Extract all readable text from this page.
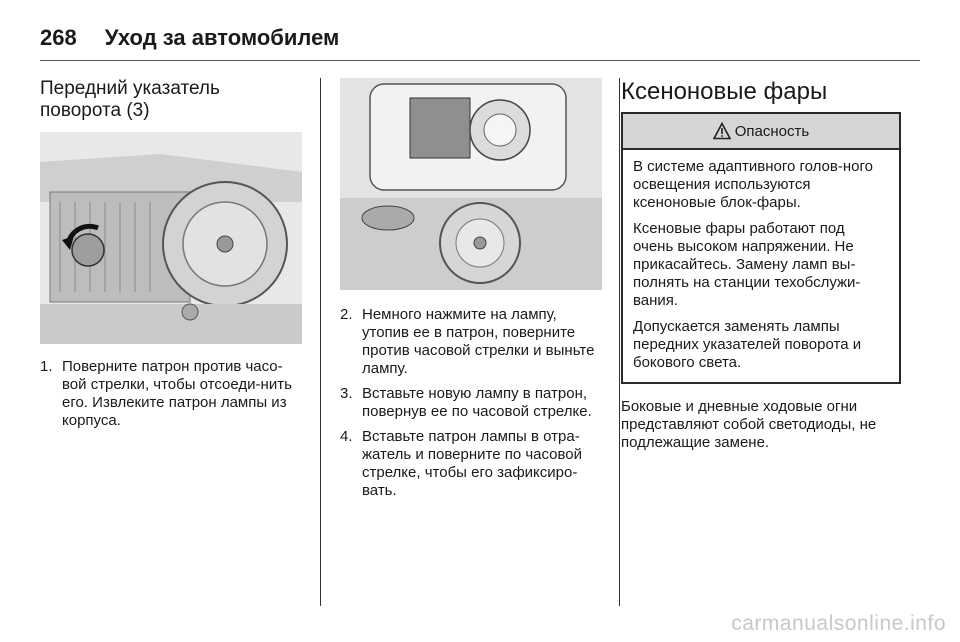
268 Уход за автомобилем
Передний указатель поворота (3)
1. Поверните патрон против часо-вой стрелки, чтобы отсоеди-нить его. Извлеките патрон лампы из корпуса.
2. Немного нажмите на лампу, утопив ее в патрон, поверните против часовой стрелки и выньте лампу.
3. Вставьте новую лампу в патрон, повернув ее по часовой стрелке.
4. Вставьте патрон лампы в отра-жатель и поверните по часовой стрелке, чтобы его зафиксиро-вать.
Ксеноновые фары
Опасность

В системе адаптивного голов-ного освещения используются ксеноновые блок-фары.

Ксеновые фары работают под очень высоком напряжении. Не прикасайтесь. Замену ламп вы-полнять на станции техобслужи-вания.

Допускается заменять лампы передних указателей поворота и бокового света.

Боковые и дневные ходовые огни представляют собой светодиоды, не подлежащие замене.
carmanualsonline.info
